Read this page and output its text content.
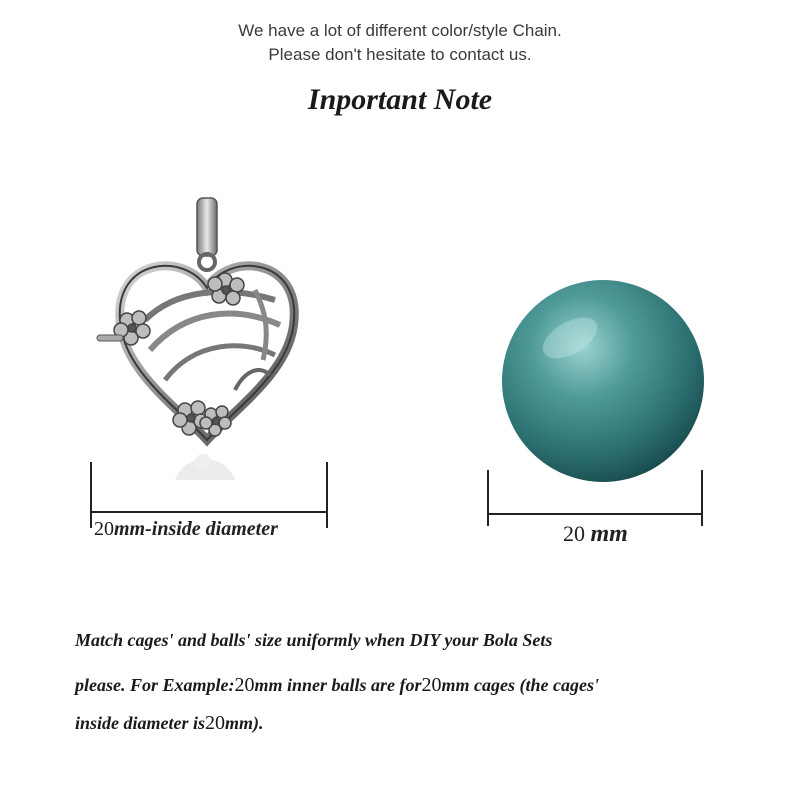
We have a lot of different color/style Chain.
Please don't hesitate to contact us.
Inportant Note
20mm-inside diameter	20 mm
Match cages' and balls' size uniformly when DIY your Bola Sets
please. For Example:20mm inner balls are for20mm cages (the cages'
inside diameter is20mm).
